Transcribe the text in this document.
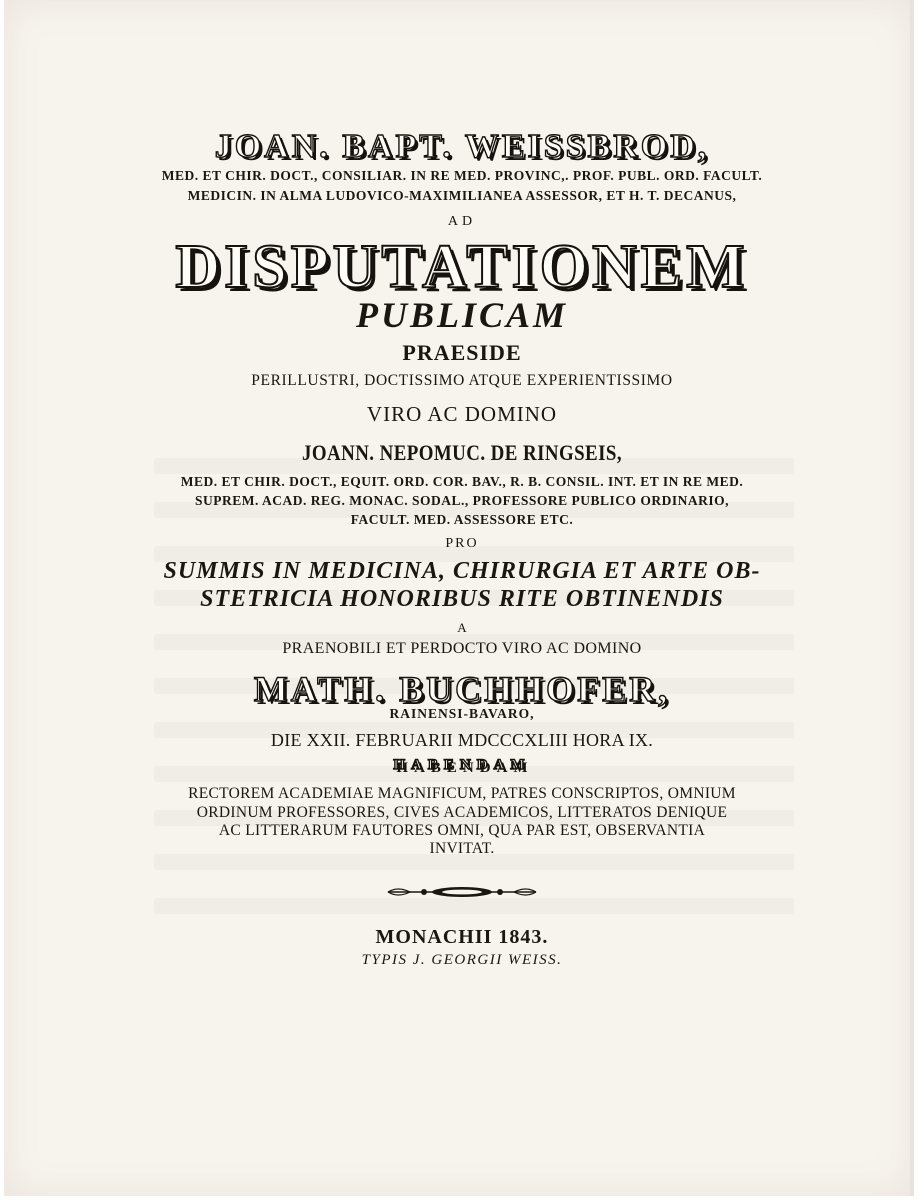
JOAN. BAPT. WEISSBROD,
MED. ET CHIR. DOCT., CONSILIAR. IN RE MED. PROVINC,. PROF. PUBL. ORD. FACULT.
MEDICIN. IN ALMA LUDOVICO-MAXIMILIANEA ASSESSOR, ET H. T. DECANUS,
AD
DISPUTATIONEM
PUBLICAM
PRAESIDE
PERILLUSTRI, DOCTISSIMO ATQUE EXPERIENTISSIMO
VIRO AC DOMINO
JOANN. NEPOMUC. DE RINGSEIS,
MED. ET CHIR. DOCT., EQUIT. ORD. COR. BAV., R. B. CONSIL. INT. ET IN RE MED.
SUPREM. ACAD. REG. MONAC. SODAL., PROFESSORE PUBLICO ORDINARIO,
FACULT. MED. ASSESSORE ETC.
PRO
SUMMIS IN MEDICINA, CHIRURGIA ET ARTE OB-
STETRICIA HONORIBUS RITE OBTINENDIS
A
PRAENOBILI ET PERDOCTO VIRO AC DOMINO
MATH. BUCHHOFER,
RAINENSI-BAVARO,
DIE XXII. FEBRUARII MDCCCXLIII HORA IX.
HABENDAM
RECTOREM ACADEMIAE MAGNIFICUM, PATRES CONSCRIPTOS, OMNIUM
ORDINUM PROFESSORES, CIVES ACADEMICOS, LITTERATOS DENIQUE
AC LITTERARUM FAUTORES OMNI, QUA PAR EST, OBSERVANTIA
INVITAT.
MONACHII 1843.
TYPIS J. GEORGII WEISS.
